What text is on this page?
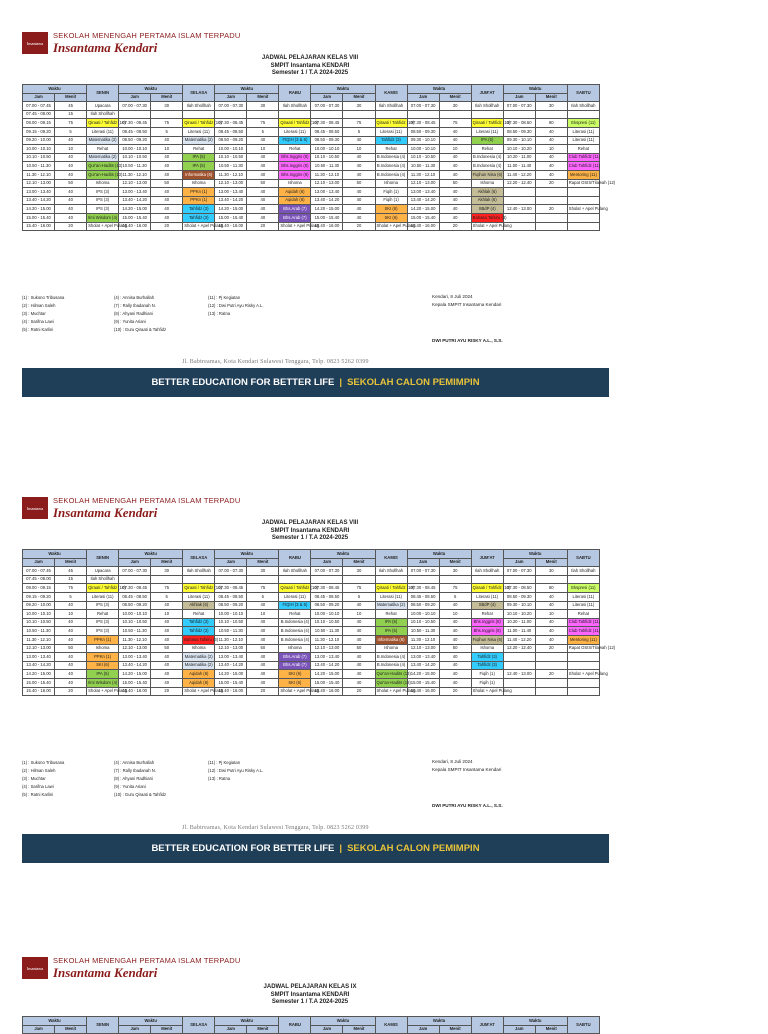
Insantama
SEKOLAH MENENGAH PERTAMA ISLAM TERPADU
Insantama Kendari
JADWAL PELAJARAN KELAS VIII
SMPIT Insantama KENDARI
Semester 1 / T.A 2024-2025
Waktu		SENIN	Waktu		SELASA	Waktu		RABU	Waktu		KAMIS	Waktu		JUM'AT	Waktu		SABTU
Jam	Menit		Jam	Menit		Jam	Menit		Jam	Menit		Jam	Menit		Jam	Menit	
07.00 - 07.45	45	Upacara	07.00 - 07.30	30	Ilah Shollhah	07.00 - 07.30	30	Ilah Shollhah	07.00 - 07.30	30	Ilah Shollhah	07.00 - 07.30	30	Ilah Shollhah	07.00 - 07.30	30	Ilah Shollhah
07.45 - 08.00	15	Ilah Shollhah															
08.00 - 09.15	75	Qiraati / Tahfidz (10)	07.30 - 08.45	75	Qiraati / Tahfidz (10)	07.30 - 08.45	75	Qiraati / Tahfidz (10)	07.30 - 08.45	75	Qiraati / Tahfidz (10)	07.30 - 08.45	75	Qiraati / Tahfidz (10)	07.30 - 08.50	80	Ekspresi (11)
09.15 - 09.20	5	Literasi (11)	08.45 - 08.50	5	Literasi (11)	08.45 - 08.50	5	Literasi (11)	08.45 - 08.50	5	Literasi (11)	08.50 - 09.30	40	Literasi (11)	08.50 - 09.30	40	Literasi (11)
09.20 - 10.00	40	Matematika (2)	08.50 - 09.20	40	Matematika (2)	08.50 - 09.20	40	FIQIH (3 & 6)	08.50 - 09.30	40	Tahfidz (3)	09.30 - 10.10	40	IPA (5)	09.30 - 10.10	40	Literasi (11)
10.00 - 10.10	10	Rehat	10.00 - 10.10	10	Rehat	10.00 - 10.10	10	Rehat	10.00 - 10.10	10	Rehat	10.00 - 10.10	10	Rehat	10.10 - 10.20	10	Rehat
10.10 - 10.50	40	Matematika (2)	10.10 - 10.50	40	IPA (5)	10.10 - 10.50	40	Bhs.Inggris (8)	10.10 - 10.50	40	B.Indonesia (4)	10.10 - 10.50	40	B.Indonesia (4)	10.20 - 11.00	40	Club Tahfidz (11)
10.50 - 11.30	40	Qur'an-Hadits (13)	10.50 - 11.30	40	IPA (5)	10.50 - 11.30	40	Bhs.Inggris (8)	10.50 - 11.30	40	B.Indonesia (4)	10.50 - 11.30	40	B.Indonesia (4)	11.00 - 11.40	40	Club Tahfidz (11)
11.30 - 12.10	40	Qur'an-Hadits (13)	11.30 - 12.10	40	Informatika (6)	11.30 - 12.10	40	Bhs.Inggris (8)	11.30 - 12.10	40	B.Indonesia (4)	11.30 - 12.10	40	Fiqihun Nisa (6)	11.40 - 12.20	40	Mentoring (11)
12.10 - 13.00	50	Ishoma	12.10 - 13.00	50	Ishoma	12.10 - 13.00	50	Ishoma	12.10 - 13.00	50	Ishoma	12.10 - 13.00	50	Ishoma	12.20 - 12.40	20	Rapat OSIS/Tilawah (12)
13.00 - 13.40	40	IPS (3)	13.00 - 13.40	40	PPKn (1)	13.00 - 13.40	40	Aqidah (6)	13.00 - 13.40	40	Fiqih (1)	13.00 - 13.40	40	Akhlak (6)			
13.40 - 14.20	40	IPS (3)	13.40 - 14.20	40	PPKn (1)	13.40 - 14.20	40	Aqidah (6)	13.40 - 14.20	40	Fiqih (1)	13.40 - 14.20	40	Akhlak (6)			
14.20 - 15.00	40	IPS (3)	14.20 - 15.00	40	Tahfidz (3)	14.20 - 15.00	40	Bhs.Arab (7)	14.20 - 15.00	40	SKI (6)	14.20 - 15.00	40	SBdP (4)	12.40 - 13.00	20	Sholat + Apel Pulang
15.00 - 15.40	40	Ilmi Wisdom (4)	15.00 - 15.40	40	Tahfidz (3)	15.00 - 15.40	40	Bhs.Arab (7)	15.00 - 15.40	40	SKI (6)	15.00 - 15.40	40	Bahasa Tafsiru (3)			
15.40 - 16.00	20	Sholat + Apel Pulang	15.40 - 16.00	20	Sholat + Apel Pulang	15.40 - 16.00	20	Sholat + Apel Pulang	15.40 - 16.00	20	Sholat + Apel Pulang	15.40 - 16.00	20	Sholat + Apel Pulang			
(1) : Sukono Tribusana
(2) : Hilman Saleh
(3) : Muchtar
(4) : Sarifna Lawi
(5) : Ratni Karlini
(4) : Annisa Burhallah
(7) : Rally Ibadanah N.
(8) : Ahyani Radhiani
(9) : Yunita Ariani
(10) : Guru Qiraati & Tahfidz
(11) : Pj Kegiatan
(12) : Dwi Putri Ayu Risky A.L.
(13) : Ratna
Kendari, 8 Juli 2024
Kepala SMPIT Insantama Kendari
DWI PUTRI AYU RISKY A.L., S.S.
Jl. Babtreamas, Kota Kendari Sulawesi Tenggara, Telp. 0823 5262 0399
BETTER EDUCATION FOR BETTER LIFE | SEKOLAH CALON PEMIMPIN
Insantama
SEKOLAH MENENGAH PERTAMA ISLAM TERPADU
Insantama Kendari
JADWAL PELAJARAN KELAS VIII
SMPIT Insantama KENDARI
Semester 1 / T.A 2024-2025
Waktu		SENIN	Waktu		SELASA	Waktu		RABU	Waktu		KAMIS	Waktu		JUM'AT	Waktu		SABTU
Jam	Menit		Jam	Menit		Jam	Menit		Jam	Menit		Jam	Menit		Jam	Menit	
07.00 - 07.45	45	Upacara	07.00 - 07.30	30	Ilah Shollhah	07.00 - 07.30	30	Ilah Shollhah	07.00 - 07.30	30	Ilah Shollhah	07.00 - 07.30	30	Ilah Shollhah	07.00 - 07.30	30	Ilah Shollhah
07.45 - 08.00	15	Ilah Shollhah															
08.00 - 09.15	75	Qiraati / Tahfidz (10)	07.30 - 08.45	75	Qiraati / Tahfidz (10)	07.30 - 08.45	75	Qiraati / Tahfidz (10)	07.30 - 08.45	75	Qiraati / Tahfidz (10)	07.30 - 08.45	75	Qiraati / Tahfidz (10)	07.30 - 08.50	80	Ekspresi (11)
09.15 - 09.20	5	Literasi (11)	08.45 - 08.50	5	Literasi (11)	08.45 - 08.50	5	Literasi (11)	08.45 - 08.50	5	Literasi (11)	08.45 - 08.50	5	Literasi (11)	08.50 - 09.30	40	Literasi (11)
09.20 - 10.00	40	IPS (3)	08.50 - 09.20	40	Akhlak (6)	08.50 - 09.20	40	FIQIH (3 & 6)	08.50 - 09.20	40	Matematika (2)	08.50 - 09.20	40	SBdP (4)	09.30 - 10.10	40	Literasi (11)
10.00 - 10.10	10	Rehat	10.00 - 10.10	10	Rehat	10.00 - 10.10	10	Rehat	10.00 - 10.10	10	Rehat	10.00 - 10.10	10	Rehat	10.10 - 10.20	10	Rehat
10.10 - 10.50	40	IPS (3)	10.10 - 10.50	40	Tahfidz (3)	10.10 - 10.50	40	B.Indonesia (4)	10.10 - 10.50	40	IPA (5)	10.10 - 10.50	40	Bhs.Inggris (8)	10.20 - 11.00	40	Club Tahfidz (11)
10.50 - 11.30	40	IPS (3)	10.50 - 11.30	40	Tahfidz (3)	10.50 - 11.30	40	B.Indonesia (4)	10.50 - 11.30	40	IPA (5)	10.50 - 11.30	40	Bhs.Inggris (8)	11.00 - 11.40	40	Club Tahfidz (11)
11.30 - 12.10	40	PPKn (1)	11.30 - 12.10	40	Bahasa Tafsiru (3)	11.30 - 12.10	40	B.Indonesia (4)	11.30 - 12.10	40	Informatika (6)	11.30 - 12.10	40	Fiqihun Nisa (6)	11.40 - 12.20	40	Mentoring (11)
12.10 - 13.00	50	Ishoma	12.10 - 13.00	50	Ishoma	12.10 - 13.00	50	Ishoma	12.10 - 13.00	50	Ishoma	12.10 - 13.00	50	Ishoma	12.20 - 12.40	20	Rapat OSIS/Tilawah (12)
13.00 - 13.40	40	PPKn (1)	13.00 - 13.40	40	Matematika (2)	13.00 - 13.40	40	Bhs.Arab (7)	13.00 - 13.40	40	B.Indonesia (4)	13.00 - 13.40	40	Tahfidz (3)			
13.40 - 14.20	40	SKI (6)	13.40 - 14.20	40	Matematika (2)	13.40 - 14.20	40	Bhs.Arab (7)	13.40 - 14.20	40	B.Indonesia (4)	13.40 - 14.20	40	Tahfidz (3)			
14.20 - 15.00	40	IPA (5)	14.20 - 15.00	40	Aqidah (6)	14.20 - 15.00	40	SKI (6)	14.20 - 15.00	40	Qur'an-Hadits (13)	14.20 - 15.00	40	Fiqih (1)	12.40 - 13.00	20	Sholat + Apel Pulang
15.00 - 15.40	40	Ilmi Wisdom (4)	15.00 - 15.40	40	Aqidah (6)	15.00 - 15.40	40	SKI (6)	15.00 - 15.40	40	Qur'an-Hadits (13)	15.00 - 15.40	40	Fiqih (1)			
15.40 - 16.00	20	Sholat + Apel Pulang	15.40 - 16.00	20	Sholat + Apel Pulang	15.40 - 16.00	20	Sholat + Apel Pulang	15.40 - 16.00	20	Sholat + Apel Pulang	15.40 - 16.00	20	Sholat + Apel Pulang			
(1) : Sukono Tribusana
(2) : Hilman Saleh
(3) : Muchtar
(4) : Sarifna Lawi
(5) : Ratni Karlini
(4) : Annisa Burhallah
(7) : Rally Ibadanah N.
(8) : Ahyani Radhiani
(9) : Yunita Ariani
(10) : Guru Qiraati & Tahfidz
(11) : Pj Kegiatan
(12) : Dwi Putri Ayu Risky A.L.
(13) : Ratna
Kendari, 8 Juli 2024
Kepala SMPIT Insantama Kendari
DWI PUTRI AYU RISKY A.L., S.S.
Jl. Babtreamas, Kota Kendari Sulawesi Tenggara, Telp. 0823 5262 0399
BETTER EDUCATION FOR BETTER LIFE | SEKOLAH CALON PEMIMPIN
Insantama
SEKOLAH MENENGAH PERTAMA ISLAM TERPADU
Insantama Kendari
JADWAL PELAJARAN KELAS IX
SMPIT Insantama KENDARI
Semester 1 / T.A 2024-2025
Waktu		SENIN	Waktu		SELASA	Waktu		RABU	Waktu		KAMIS	Waktu		JUM'AT	Waktu		SABTU
Jam	Menit		Jam	Menit		Jam	Menit		Jam	Menit		Jam	Menit		Jam	Menit	
